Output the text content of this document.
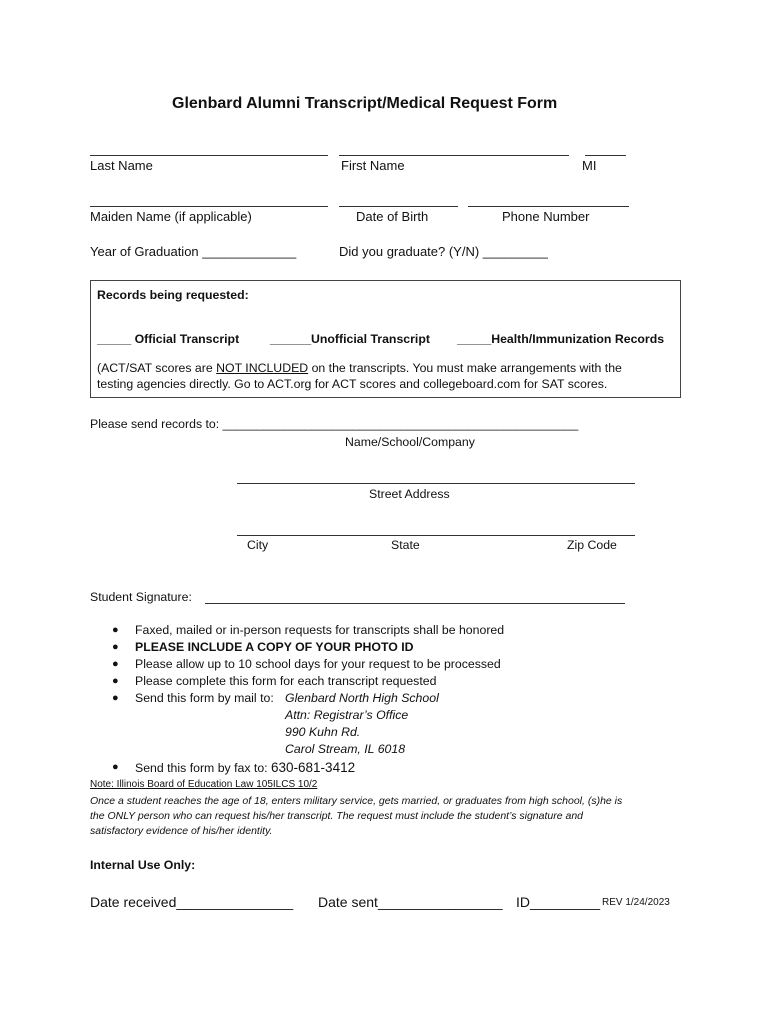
Glenbard Alumni Transcript/Medical Request Form
Last Name	First Name	MI
Maiden Name (if applicable)	Date of Birth	Phone Number
Year of Graduation _____________	Did you graduate? (Y/N) _________
Records being requested:
_____ Official Transcript	______Unofficial Transcript _____Health/Immunization Records
(ACT/SAT scores are NOT INCLUDED on the transcripts. You must make arrangements with the
testing agencies directly. Go to ACT.org for ACT scores and collegeboard.com for SAT scores.
Please send records to: ____________________________________________________
Name/School/Company
Street Address
City	State	Zip Code
Student Signature:
● Faxed, mailed or in-person requests for transcripts shall be honored
● PLEASE INCLUDE A COPY OF YOUR PHOTO ID
● Please allow up to 10 school days for your request to be processed
● Please complete this form for each transcript requested
● Send this form by mail to: Glenbard North High School
Attn: Registrar’s Office
990 Kuhn Rd.
Carol Stream, IL 6018
● Send this form by fax to: 630-681-3412
Note: Illinois Board of Education Law 105ILCS 10/2
Once a student reaches the age of 18, enters military service, gets married, or graduates from high school, (s)he is
the ONLY person who can request his/her transcript. The request must include the student’s signature and
satisfactory evidence of his/her identity.
Internal Use Only:
Date received_______________ Date sent________________ ID_________ REV 1/24/2023
